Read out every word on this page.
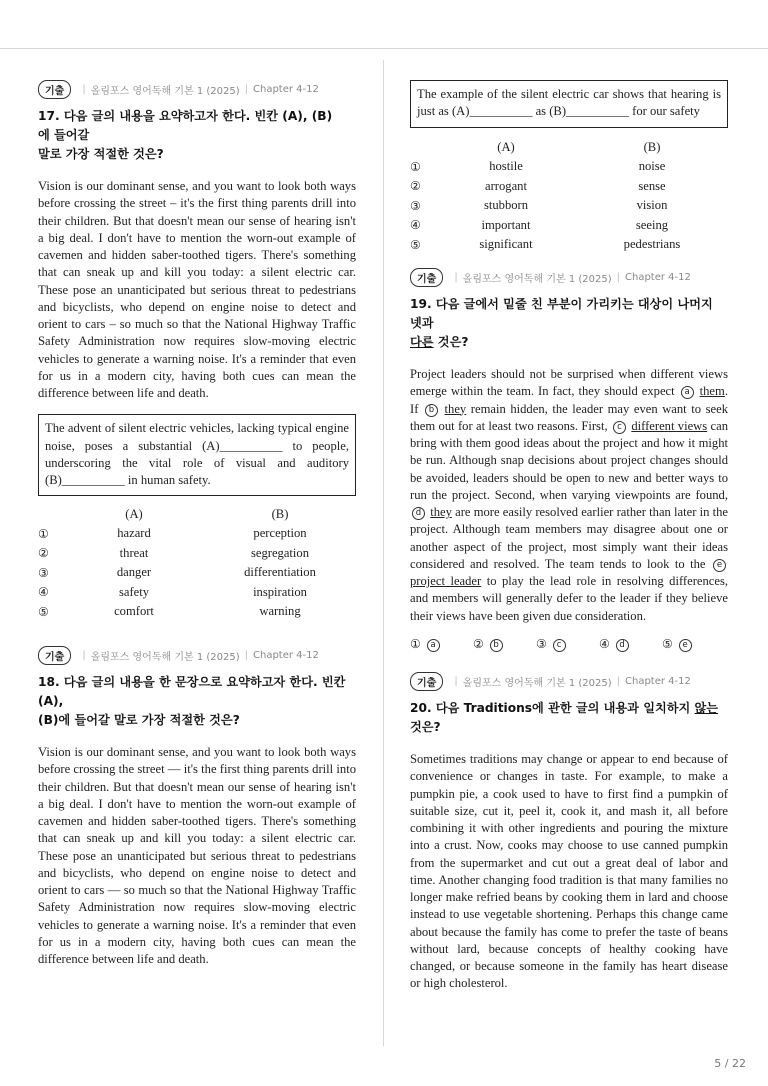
기출	| 올림포스 영어독해 기본 1 (2025) | Chapter 4-12
17. 다음 글의 내용을 요약하고자 한다. 빈칸 (A), (B)에 들어갈
말로 가장 적절한 것은?

Vision is our dominant sense, and you want to look both ways before crossing the street – it's the first thing parents drill into their children. But that doesn't mean our sense of hearing isn't a big deal. I don't have to mention the worn-out example of cavemen and hidden saber-toothed tigers. There's something that can sneak up and kill you today: a silent electric car. These pose an unanticipated but serious threat to pedestrians and bicyclists, who depend on engine noise to detect and orient to cars – so much so that the National Highway Traffic Safety Administration now requires slow-moving electric vehicles to generate a warning noise. It's a reminder that even for us in a modern city, having both cues can mean the difference between life and death.

The advent of silent electric vehicles, lacking typical engine noise, poses a substantial (A)__________ to people, underscoring the vital role of visual and auditory (B)__________ in human safety.
	(A)	(B)
①	hazard	perception
②	threat	segregation
③	danger	differentiation
④	safety	inspiration
⑤	comfort	warning
기출	| 올림포스 영어독해 기본 1 (2025) | Chapter 4-12
18. 다음 글의 내용을 한 문장으로 요약하고자 한다. 빈칸 (A),
(B)에 들어갈 말로 가장 적절한 것은?

Vision is our dominant sense, and you want to look both ways before crossing the street — it's the first thing parents drill into their children. But that doesn't mean our sense of hearing isn't a big deal. I don't have to mention the worn-out example of cavemen and hidden saber-toothed tigers. There's something that can sneak up and kill you today: a silent electric car. These pose an unanticipated but serious threat to pedestrians and bicyclists, who depend on engine noise to detect and orient to cars — so much so that the National Highway Traffic Safety Administration now requires slow-moving electric vehicles to generate a warning noise. It's a reminder that even for us in a modern city, having both cues can mean the difference between life and death.

The example of the silent electric car shows that hearing is just as (A)__________ as (B)__________ for our safety
	(A)	(B)
①	hostile	noise
②	arrogant	sense
③	stubborn	vision
④	important	seeing
⑤	significant	pedestrians
기출	| 올림포스 영어독해 기본 1 (2025) | Chapter 4-12
19. 다음 글에서 밑줄 친 부분이 가리키는 대상이 나머지 넷과
다른 것은?

Project leaders should not be surprised when different views emerge within the team. In fact, they should expect a them. If b they remain hidden, the leader may even want to seek them out for at least two reasons. First, c different views can bring with them good ideas about the project and how it might be run. Although snap decisions about project changes should be avoided, leaders should be open to new and better ways to run the project. Second, when varying viewpoints are found, d they are more easily resolved earlier rather than later in the project. Although team members may disagree about one or another aspect of the project, most simply want their ideas considered and resolved. The team tends to look to the e project leader to play the lead role in resolving differences, and members will generally defer to the leader if they believe their views have been given due consideration.

① a	② b	③ c	④ d	⑤ e
기출	| 올림포스 영어독해 기본 1 (2025) | Chapter 4-12
20. 다음 Traditions에 관한 글의 내용과 일치하지 않는 것은?

Sometimes traditions may change or appear to end because of convenience or changes in taste. For example, to make a pumpkin pie, a cook used to have to first find a pumpkin of suitable size, cut it, peel it, cook it, and mash it, all before combining it with other ingredients and pouring the mixture into a crust. Now, cooks may choose to use canned pumpkin from the supermarket and cut out a great deal of labor and time. Another changing food tradition is that many families no longer make refried beans by cooking them in lard and choose instead to use vegetable shortening. Perhaps this change came about because the family has come to prefer the taste of beans without lard, because concepts of healthy cooking have changed, or because someone in the family has heart disease or high cholesterol.

5 / 22
